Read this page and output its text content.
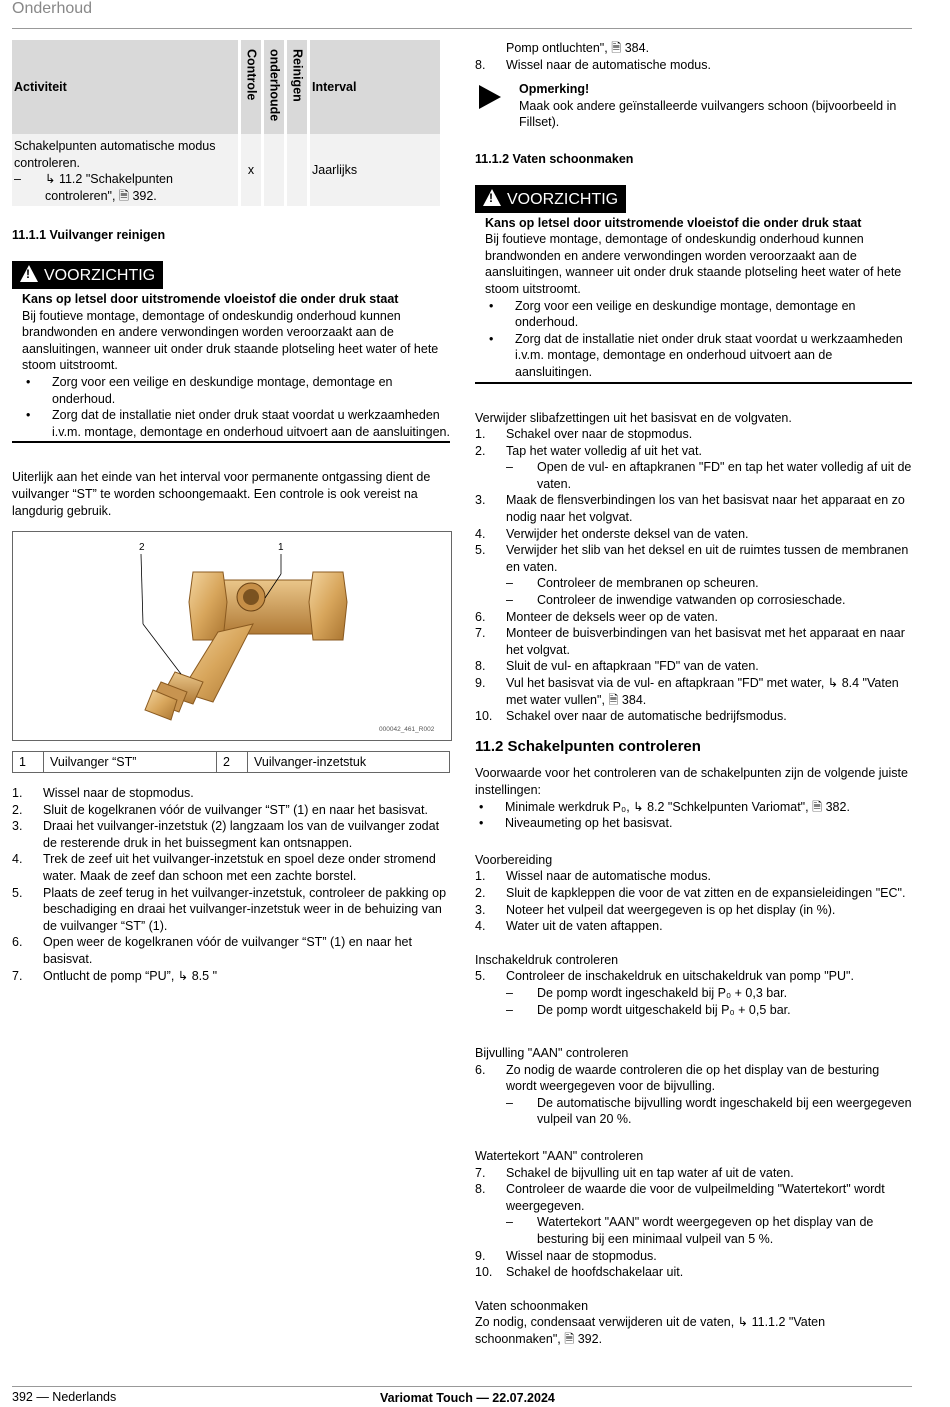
Onderhoud
Activiteit	Controle	onderhoude	Reinigen	Interval

Schakelpunten automatische modus controleren.
– ↳ 11.2 "Schakelpunten controleren", 🗎 392.	x			Jaarlijks
11.1.1 Vuilvanger reinigen
! VOORZICHTIG
Kans op letsel door uitstromende vloeistof die onder druk staat
Bij foutieve montage, demontage of ondeskundig onderhoud kunnen brandwonden en andere verwondingen worden veroorzaakt aan de aansluitingen, wanneer uit onder druk staande plotseling heet water of hete stoom uitstroomt.
• Zorg voor een veilige en deskundige montage, demontage en onderhoud.
• Zorg dat de installatie niet onder druk staat voordat u werkzaamheden i.v.m. montage, demontage en onderhoud uitvoert aan de aansluitingen.
Uiterlijk aan het einde van het interval voor permanente ontgassing dient de vuilvanger “ST” te worden schoongemaakt. Een controle is ook vereist na langdurig gebruik.
2	1
000042_461_R002
1	Vuilvanger “ST”	2	Vuilvanger-inzetstuk
1. Wissel naar de stopmodus.
2. Sluit de kogelkranen vóór de vuilvanger “ST” (1) en naar het basisvat.
3. Draai het vuilvanger-inzetstuk (2) langzaam los van de vuilvanger zodat de resterende druk in het buissegment kan ontsnappen.
4. Trek de zeef uit het vuilvanger-inzetstuk en spoel deze onder stromend water. Maak de zeef dan schoon met een zachte borstel.
5. Plaats de zeef terug in het vuilvanger-inzetstuk, controleer de pakking op beschadiging en draai het vuilvanger-inzetstuk weer in de behuizing van de vuilvanger “ST” (1).
6. Open weer de kogelkranen vóór de vuilvanger “ST” (1) en naar het basisvat.
7. Ontlucht de pomp “PU”, ↳ 8.5 "
Pomp ontluchten", 🗎 384.
8. Wissel naar de automatische modus.
Opmerking!
Maak ook andere geïnstalleerde vuilvangers schoon (bijvoorbeeld in Fillset).
11.1.2 Vaten schoonmaken
! VOORZICHTIG
Kans op letsel door uitstromende vloeistof die onder druk staat
Bij foutieve montage, demontage of ondeskundig onderhoud kunnen brandwonden en andere verwondingen worden veroorzaakt aan de aansluitingen, wanneer uit onder druk staande plotseling heet water of hete stoom uitstroomt.
• Zorg voor een veilige en deskundige montage, demontage en onderhoud.
• Zorg dat de installatie niet onder druk staat voordat u werkzaamheden i.v.m. montage, demontage en onderhoud uitvoert aan de aansluitingen.
Verwijder slibafzettingen uit het basisvat en de volgvaten.
1. Schakel over naar de stopmodus.
2. Tap het water volledig af uit het vat.
– Open de vul- en aftapkranen "FD" en tap het water volledig af uit de vaten.
3. Maak de flensverbindingen los van het basisvat naar het apparaat en zo nodig naar het volgvat.
4. Verwijder het onderste deksel van de vaten.
5. Verwijder het slib van het deksel en uit de ruimtes tussen de membranen en vaten.
– Controleer de membranen op scheuren.
– Controleer de inwendige vatwanden op corrosieschade.
6. Monteer de deksels weer op de vaten.
7. Monteer de buisverbindingen van het basisvat met het apparaat en naar het volgvat.
8. Sluit de vul- en aftapkraan "FD" van de vaten.
9. Vul het basisvat via de vul- en aftapkraan "FD" met water, ↳ 8.4 "Vaten met water vullen", 🗎 384.
10. Schakel over naar de automatische bedrijfsmodus.
11.2 Schakelpunten controleren
Voorwaarde voor het controleren van de schakelpunten zijn de volgende juiste instellingen:
• Minimale werkdruk P₀, ↳ 8.2 "Schkelpunten Variomat", 🗎 382.
• Niveaumeting op het basisvat.
Voorbereiding
1. Wissel naar de automatische modus.
2. Sluit de kapkleppen die voor de vat zitten en de expansieleidingen "EC".
3. Noteer het vulpeil dat weergegeven is op het display (in %).
4. Water uit de vaten aftappen.
Inschakeldruk controleren
5. Controleer de inschakeldruk en uitschakeldruk van pomp "PU".
– De pomp wordt ingeschakeld bij P₀ + 0,3 bar.
– De pomp wordt uitgeschakeld bij P₀ + 0,5 bar.
Bijvulling "AAN" controleren
6. Zo nodig de waarde controleren die op het display van de besturing wordt weergegeven voor de bijvulling.
– De automatische bijvulling wordt ingeschakeld bij een weergegeven vulpeil van 20 %.
Watertekort "AAN" controleren
7. Schakel de bijvulling uit en tap water af uit de vaten.
8. Controleer de waarde die voor de vulpeilmelding "Watertekort" wordt weergegeven.
– Watertekort "AAN" wordt weergegeven op het display van de besturing bij een minimaal vulpeil van 5 %.
9. Wissel naar de stopmodus.
10. Schakel de hoofdschakelaar uit.
Vaten schoonmaken
Zo nodig, condensaat verwijderen uit de vaten, ↳ 11.1.2 "Vaten schoonmaken", 🗎 392.
392 — Nederlands	Variomat Touch — 22.07.2024
